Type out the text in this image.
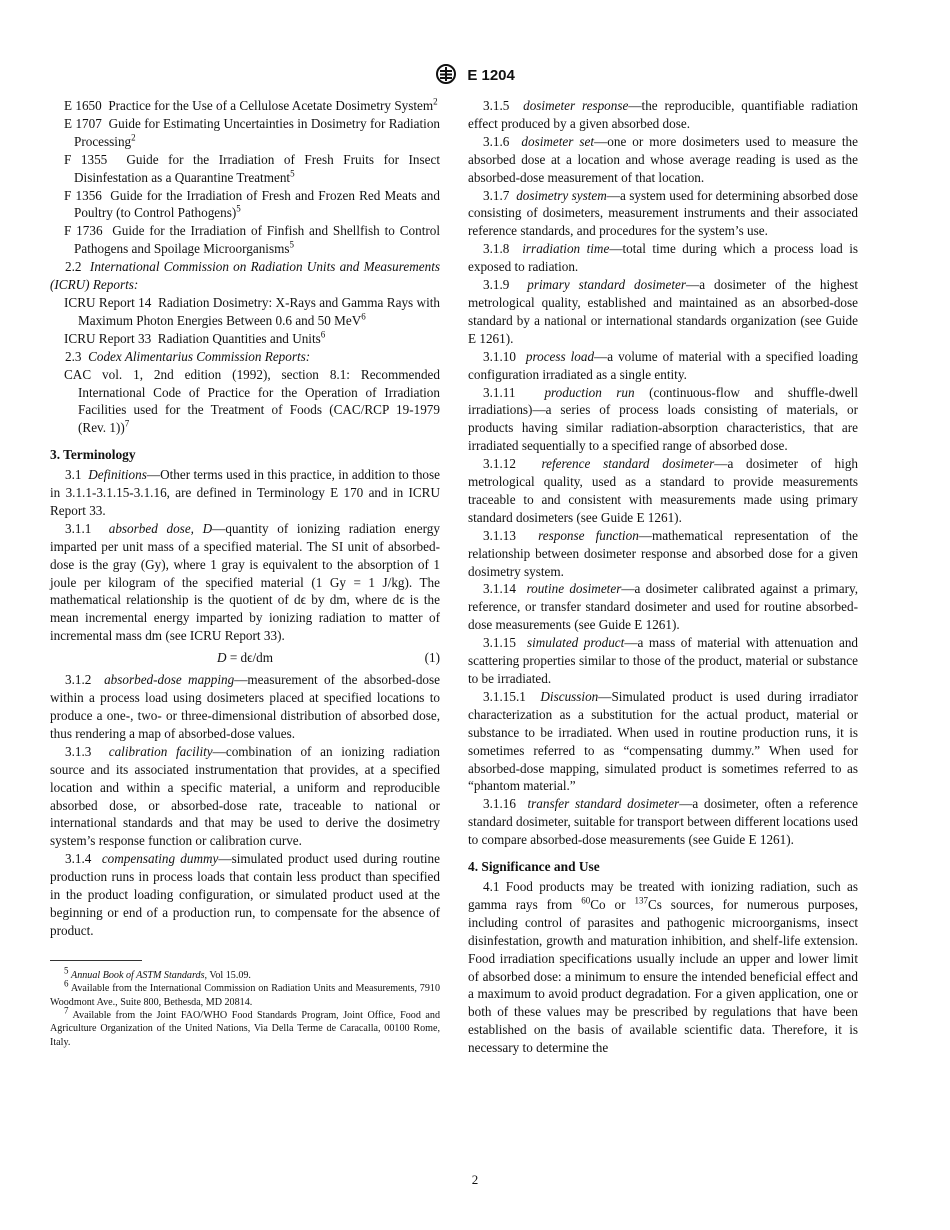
E 1204

E 1650 Practice for the Use of a Cellulose Acetate Dosimetry System$^2$

E 1707 Guide for Estimating Uncertainties in Dosimetry for Radiation Processing$^2$

F 1355 Guide for the Irradiation of Fresh Fruits for Insect Disinfestation as a Quarantine Treatment$^5$

F 1356 Guide for the Irradiation of Fresh and Frozen Red Meats and Poultry (to Control Pathogens)$^5$

F 1736 Guide for the Irradiation of Finfish and Shellfish to Control Pathogens and Spoilage Microorganisms$^5$

2.2 International Commission on Radiation Units and Measurements (ICRU) Reports:

ICRU Report 14 Radiation Dosimetry: X-Rays and Gamma Rays with Maximum Photon Energies Between 0.6 and 50 MeV$^6$

ICRU Report 33 Radiation Quantities and Units$^6$

2.3 Codex Alimentarius Commission Reports:

CAC vol. 1, 2nd edition (1992), section 8.1: Recommended International Code of Practice for the Operation of Irradiation Facilities used for the Treatment of Foods (CAC/RCP 19-1979 (Rev. 1))$^7$

3. Terminology

3.1 Definitions—Other terms used in this practice, in addition to those in 3.1.1-3.1.15-3.1.16, are defined in Terminology E 170 and in ICRU Report 33.

3.1.1 absorbed dose, D—quantity of ionizing radiation energy imparted per unit mass of a specified material. The SI unit of absorbed-dose is the gray (Gy), where 1 gray is equivalent to the absorption of 1 joule per kilogram of the specified material (1 Gy = 1 J/kg). The mathematical relationship is the quotient of dϵ by dm, where dϵ is the mean incremental energy imparted by ionizing radiation to matter of incremental mass dm (see ICRU Report 33).

D = dϵ/dm	(1)

3.1.2 absorbed-dose mapping—measurement of the absorbed-dose within a process load using dosimeters placed at specified locations to produce a one-, two- or three-dimensional distribution of absorbed dose, thus rendering a map of absorbed-dose values.

3.1.3 calibration facility—combination of an ionizing radiation source and its associated instrumentation that provides, at a specified location and within a specific material, a uniform and reproducible absorbed dose, or absorbed-dose rate, traceable to national or international standards and that may be used to derive the dosimetry system’s response function or calibration curve.

3.1.4 compensating dummy—simulated product used during routine production runs in process loads that contain less product than specified in the product loading configuration, or simulated product used at the beginning or end of a production run, to compensate for the absence of product.

$^5$ Annual Book of ASTM Standards, Vol 15.09.

$^6$ Available from the International Commission on Radiation Units and Measurements, 7910 Woodmont Ave., Suite 800, Bethesda, MD 20814.

$^7$ Available from the Joint FAO/WHO Food Standards Program, Joint Office, Food and Agriculture Organization of the United Nations, Via Della Terme de Caracalla, 00100 Rome, Italy.

3.1.5 dosimeter response—the reproducible, quantifiable radiation effect produced by a given absorbed dose.

3.1.6 dosimeter set—one or more dosimeters used to measure the absorbed dose at a location and whose average reading is used as the absorbed-dose measurement of that location.

3.1.7 dosimetry system—a system used for determining absorbed dose consisting of dosimeters, measurement instruments and their associated reference standards, and procedures for the system’s use.

3.1.8 irradiation time—total time during which a process load is exposed to radiation.

3.1.9 primary standard dosimeter—a dosimeter of the highest metrological quality, established and maintained as an absorbed-dose standard by a national or international standards organization (see Guide E 1261).

3.1.10 process load—a volume of material with a specified loading configuration irradiated as a single entity.

3.1.11 production run (continuous-flow and shuffle-dwell irradiations)—a series of process loads consisting of materials, or products having similar radiation-absorption characteristics, that are irradiated sequentially to a specified range of absorbed dose.

3.1.12 reference standard dosimeter—a dosimeter of high metrological quality, used as a standard to provide measurements traceable to and consistent with measurements made using primary standard dosimeters (see Guide E 1261).

3.1.13 response function—mathematical representation of the relationship between dosimeter response and absorbed dose for a given dosimetry system.

3.1.14 routine dosimeter—a dosimeter calibrated against a primary, reference, or transfer standard dosimeter and used for routine absorbed-dose measurements (see Guide E 1261).

3.1.15 simulated product—a mass of material with attenuation and scattering properties similar to those of the product, material or substance to be irradiated.

3.1.15.1 Discussion—Simulated product is used during irradiator characterization as a substitution for the actual product, material or substance to be irradiated. When used in routine production runs, it is sometimes referred to as “compensating dummy.” When used for absorbed-dose mapping, simulated product is sometimes referred to as “phantom material.”

3.1.16 transfer standard dosimeter—a dosimeter, often a reference standard dosimeter, suitable for transport between different locations used to compare absorbed-dose measurements (see Guide E 1261).

4. Significance and Use

4.1 Food products may be treated with ionizing radiation, such as gamma rays from $^{60}$Co or $^{137}$Cs sources, for numerous purposes, including control of parasites and pathogenic microorganisms, insect disinfestation, growth and maturation inhibition, and shelf-life extension. Food irradiation specifications usually include an upper and lower limit of absorbed dose: a minimum to ensure the intended beneficial effect and a maximum to avoid product degradation. For a given application, one or both of these values may be prescribed by regulations that have been established on the basis of available scientific data. Therefore, it is necessary to determine the

2
